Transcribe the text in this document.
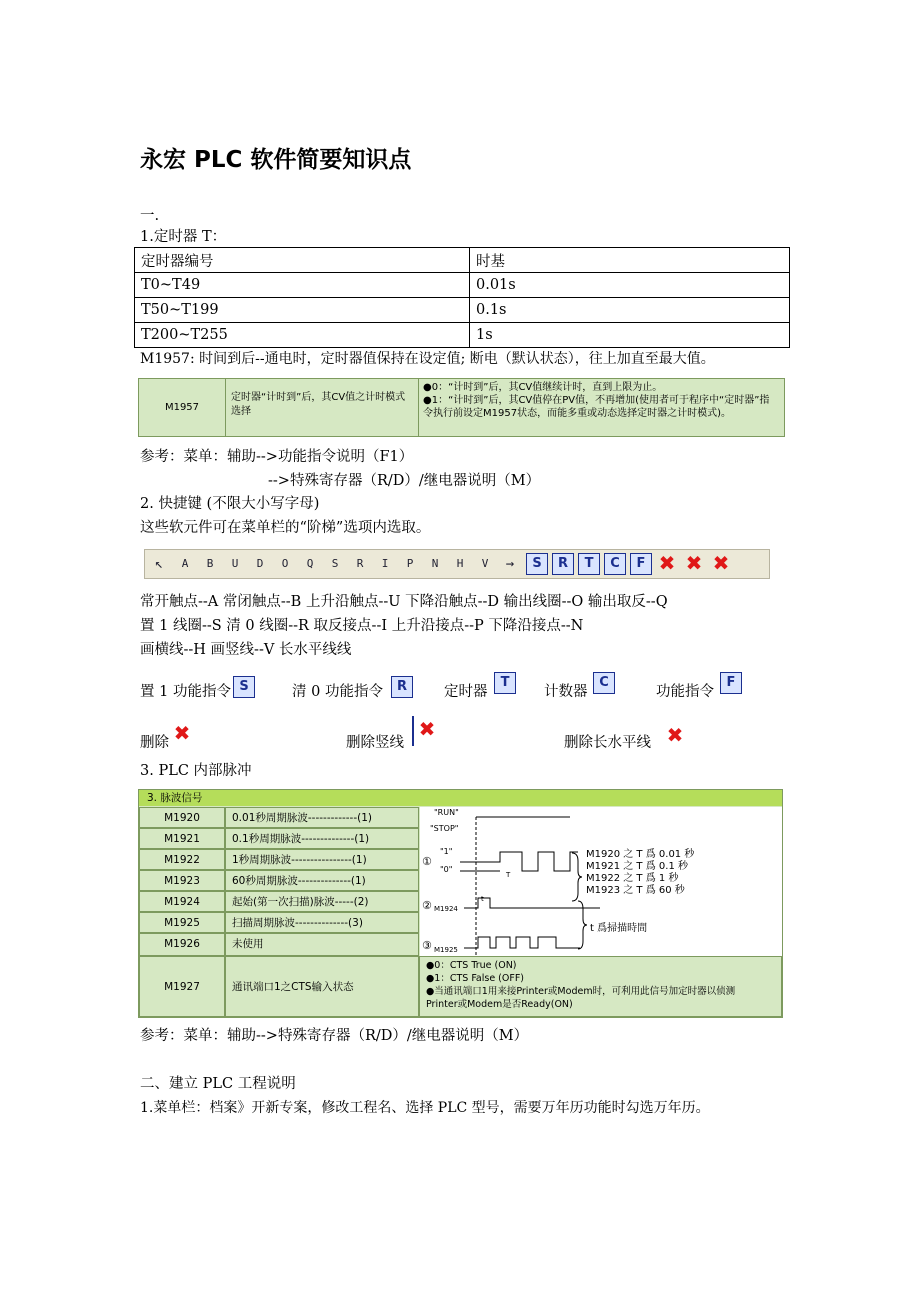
永宏 PLC 软件简要知识点
一.
1.定时器 T：
定时器编号	时基
T0~T49	0.01s
T50~T199	0.1s
T200~T255	1s
M1957: 时间到后--通电时，定时器值保持在设定值; 断电（默认状态），往上加直至最大值。
M1957
定时器“计时到”后，其CV值之计时模式选择
●0：“计时到”后，其CV值继续计时，直到上限为止。
●1：“计时到”后，其CV值停在PV值，不再增加(使用者可于程序中“定时器”指令执行前设定M1957状态，而能多重或动态选择定时器之计时模式)。
参考：菜单：辅助-->功能指令说明（F1）
-->特殊寄存器（R/D）/继电器说明（M）
2. 快捷键 (不限大小写字母)
这些软元件可在菜单栏的“阶梯”选项内选取。
↖	A	B	U	D	O	Q	S	R	I	P	N	H	V	→	S	R	T	C	F ✖ ✖ ✖
常开触点--A 常闭触点--B 上升沿触点--U 下降沿触点--D 输出线圈--O 输出取反--Q
置 1 线圈--S 清 0 线圈--R 取反接点--I 上升沿接点--P 下降沿接点--N
画横线--H 画竖线--V 长水平线线
置 1 功能指令 S	清 0 功能指令	R	定时器
T
计数器
C
功能指令
F
删除 ✖	删除竖线
✖
删除长水平线 ✖
3. PLC 内部脉冲
3. 脉波信号
M1920	0.01秒周期脉波-------------(1)
M1921	0.1秒周期脉波--------------(1)
M1922	1秒周期脉波----------------(1)
M1923	60秒周期脉波--------------(1)
M1924	起始(第一次扫描)脉波-----(2)
M1925	扫描周期脉波--------------(3)
M1926	未使用
M1927	通讯端口1之CTS输入状态
●0：CTS True (ON)
●1：CTS False (OFF)
●当通讯端口1用来接Printer或Modem时，可利用此信号加定时器以侦测
Printer或Modem是否Ready(ON)
"RUN"
"STOP"
"1"
"0"
①
②
③
M1924
M1925
T
t
M1920 之 T 爲 0.01 秒
M1921 之 T 爲 0.1 秒
M1922 之 T 爲 1 秒
M1923 之 T 爲 60 秒
t 爲掃描時間
参考：菜单：辅助-->特殊寄存器（R/D）/继电器说明（M）
二、建立 PLC 工程说明
1.菜单栏：档案》开新专案，修改工程名、选择 PLC 型号，需要万年历功能时勾选万年历。
